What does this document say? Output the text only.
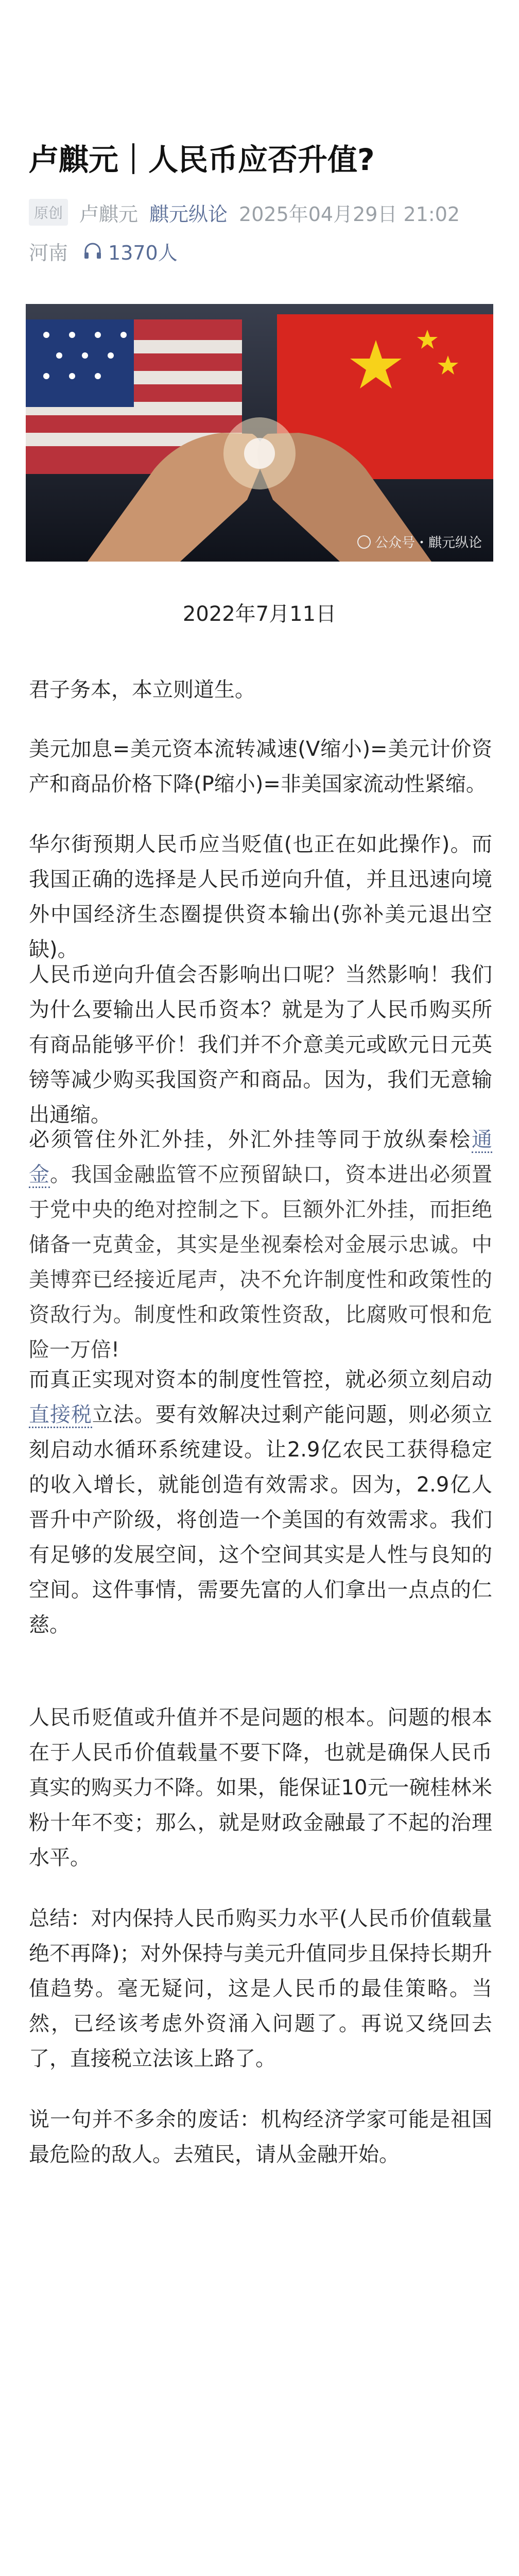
卢麒元｜人民币应否升值?
原创 卢麒元 麒元纵论 2025年04月29日 21:02
河南 1370人
公众号・麒元纵论
2022年7月11日

君子务本，本立则道生。

美元加息=美元资本流转减速(V缩小)=美元计价资产和商品价格下降(P缩小)=非美国家流动性紧缩。

华尔街预期人民币应当贬值(也正在如此操作)。而我国正确的选择是人民币逆向升值，并且迅速向境外中国经济生态圈提供资本输出(弥补美元退出空缺)。

人民币逆向升值会否影响出口呢？当然影响！我们为什么要输出人民币资本？就是为了人民币购买所有商品能够平价！我们并不介意美元或欧元日元英镑等减少购买我国资产和商品。因为，我们无意输出通缩。

必须管住外汇外挂，外汇外挂等同于放纵秦桧通金。我国金融监管不应预留缺口，资本进出必须置于党中央的绝对控制之下。巨额外汇外挂，而拒绝储备一克黄金，其实是坐视秦桧对金展示忠诚。中美博弈已经接近尾声，决不允许制度性和政策性的资敌行为。制度性和政策性资敌，比腐败可恨和危险一万倍!

而真正实现对资本的制度性管控，就必须立刻启动直接税立法。要有效解决过剩产能问题，则必须立刻启动水循环系统建设。让2.9亿农民工获得稳定的收入增长，就能创造有效需求。因为，2.9亿人晋升中产阶级，将创造一个美国的有效需求。我们有足够的发展空间，这个空间其实是人性与良知的空间。这件事情，需要先富的人们拿出一点点的仁慈。

人民币贬值或升值并不是问题的根本。问题的根本在于人民币价值载量不要下降，也就是确保人民币真实的购买力不降。如果，能保证10元一碗桂林米粉十年不变；那么，就是财政金融最了不起的治理水平。

总结：对内保持人民币购买力水平(人民币价值载量绝不再降)；对外保持与美元升值同步且保持长期升值趋势。毫无疑问，这是人民币的最佳策略。当然，已经该考虑外资涌入问题了。再说又绕回去了，直接税立法该上路了。

说一句并不多余的废话：机构经济学家可能是祖国最危险的敌人。去殖民，请从金融开始。
